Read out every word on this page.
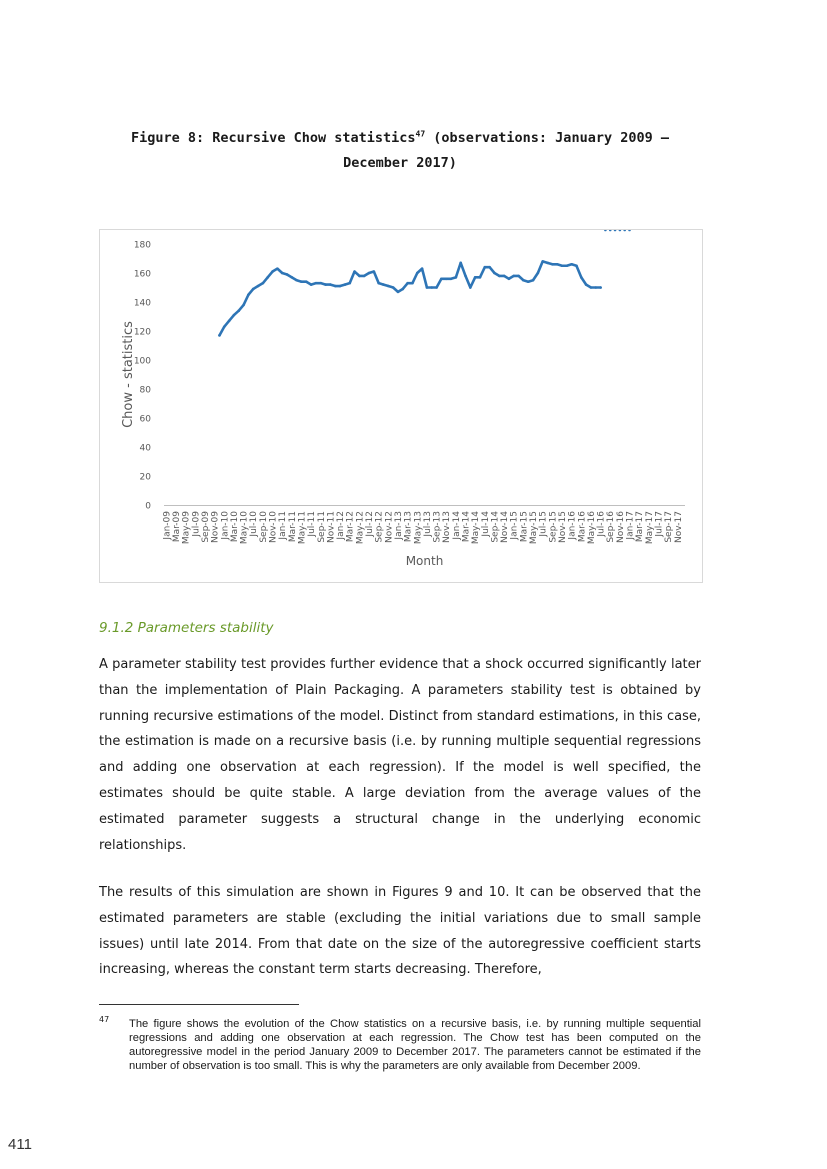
Figure 8: Recursive Chow statistics$^{47}$ (observations: January 2009 – December 2017)
0
20
40
60
80
100
120
140
160
180
Jan-09 Mar-09 May-09 Jul-09 Sep-09 Nov-09 Jan-10 Mar-10 May-10 Jul-10 Sep-10 Nov-10 Jan-11 Mar-11 May-11 Jul-11 Sep-11 Nov-11 Jan-12 Mar-12 May-12 Jul-12 Sep-12 Nov-12 Jan-13 Mar-13 May-13 Jul-13 Sep-13 Nov-13 Jan-14 Mar-14 May-14 Jul-14 Sep-14 Nov-14 Jan-15 Mar-15 May-15 Jul-15 Sep-15 Nov-15 Jan-16 Mar-16 May-16 Jul-16 Sep-16 Nov-16 Jan-17 Mar-17 May-17 Jul-17 Sep-17 Nov-17
Chow - statistics
Month
9.1.2 Parameters stability

A parameter stability test provides further evidence that a shock occurred significantly later than the implementation of Plain Packaging. A parameters stability test is obtained by running recursive estimations of the model. Distinct from standard estimations, in this case, the estimation is made on a recursive basis (i.e. by running multiple sequential regressions and adding one observation at each regression). If the model is well specified, the estimates should be quite stable. A large deviation from the average values of the estimated parameter suggests a structural change in the underlying economic relationships.

The results of this simulation are shown in Figures 9 and 10. It can be observed that the estimated parameters are stable (excluding the initial variations due to small sample issues) until late 2014. From that date on the size of the autoregressive coefficient starts increasing, whereas the constant term starts decreasing. Therefore,

47 The figure shows the evolution of the Chow statistics on a recursive basis, i.e. by running multiple sequential regressions and adding one observation at each regression. The Chow test has been computed on the autoregressive model in the period January 2009 to December 2017. The parameters cannot be estimated if the number of observation is too small. This is why the parameters are only available from December 2009.

411
